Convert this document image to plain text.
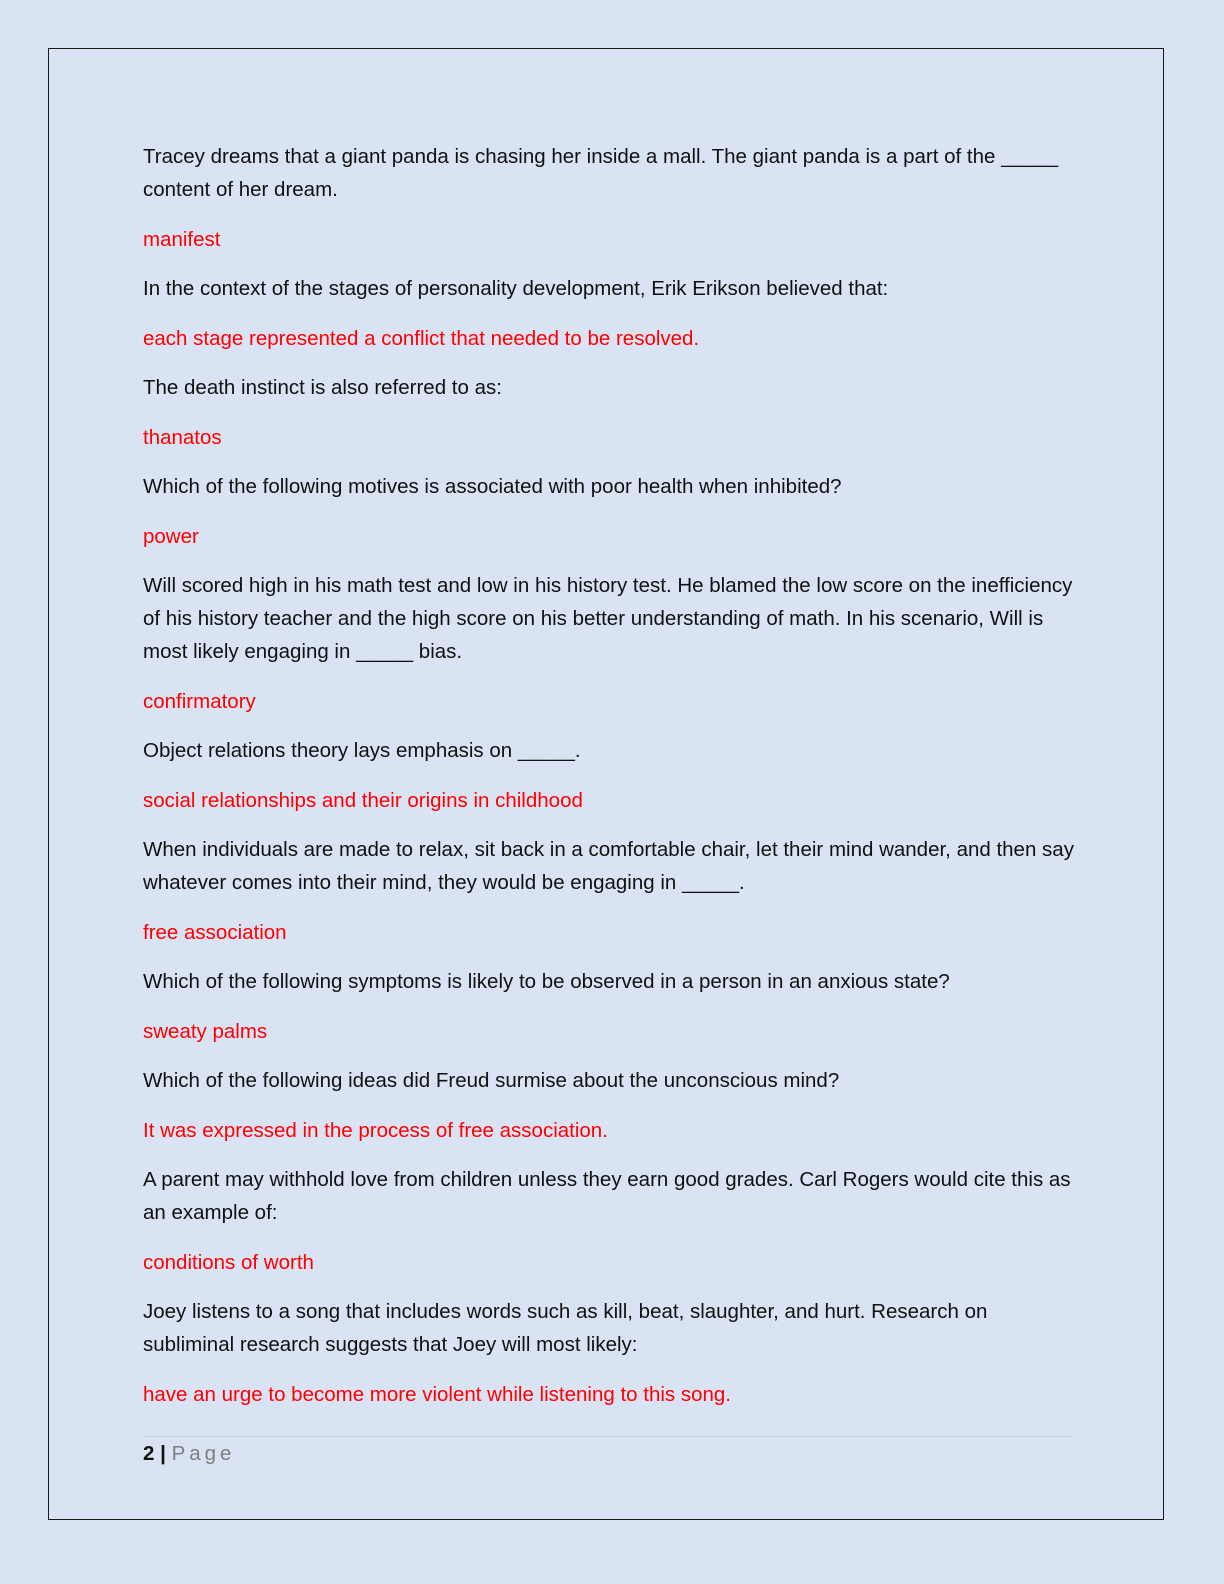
Tracey dreams that a giant panda is chasing her inside a mall. The giant panda is a part of the _____ content of her dream.

manifest

In the context of the stages of personality development, Erik Erikson believed that:

each stage represented a conflict that needed to be resolved.

The death instinct is also referred to as:

thanatos

Which of the following motives is associated with poor health when inhibited?

power

Will scored high in his math test and low in his history test. He blamed the low score on the inefficiency of his history teacher and the high score on his better understanding of math. In his scenario, Will is most likely engaging in _____ bias.

confirmatory

Object relations theory lays emphasis on _____.

social relationships and their origins in childhood

When individuals are made to relax, sit back in a comfortable chair, let their mind wander, and then say whatever comes into their mind, they would be engaging in _____.

free association

Which of the following symptoms is likely to be observed in a person in an anxious state?

sweaty palms

Which of the following ideas did Freud surmise about the unconscious mind?

It was expressed in the process of free association.

A parent may withhold love from children unless they earn good grades. Carl Rogers would cite this as an example of:

conditions of worth

Joey listens to a song that includes words such as kill, beat, slaughter, and hurt. Research on subliminal research suggests that Joey will most likely:

have an urge to become more violent while listening to this song.

2 | Page
